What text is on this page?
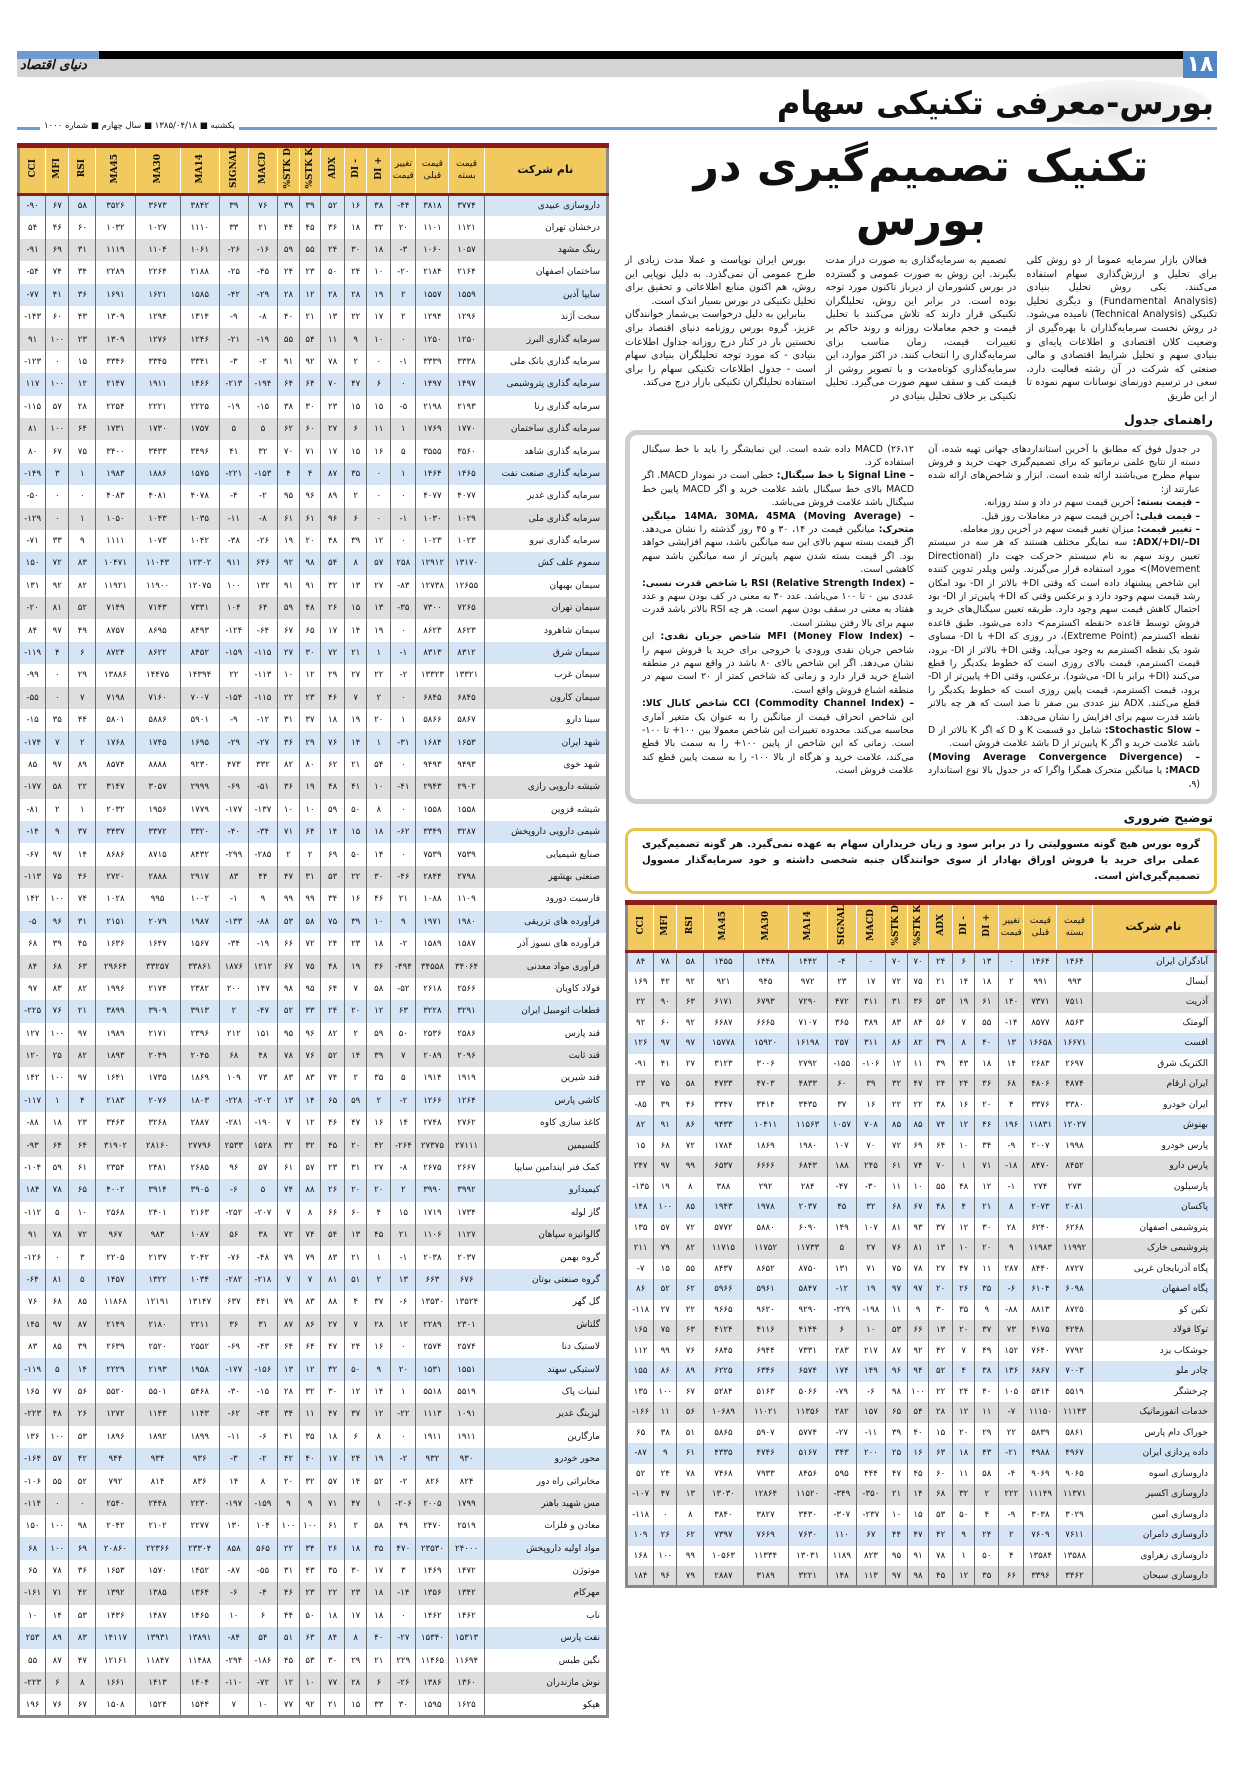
دنیای اقتصاد	۱۸
بورس-معرفی تکنیکی سهام
یکشنبه ■ ۱۳۸۵/۰۴/۱۸ ■ سال چهارم ■ شماره ۱۰۰۰
تکنیک تصمیم‌گیری در بورس

فعالان بازار سرمایه عموما از دو روش کلی برای تحلیل و ارزش‌گذاری سهام استفاده می‌کنند. یکی روش تحلیل بنیادی (Fundamental Analysis) و دیگری تحلیل تکنیکی (Technical Analysis) نامیده می‌شود. در روش نخست سرمایه‌گذاران با بهره‌گیری از وضعیت کلان اقتصادی و اطلاعات پایه‌ای و بنیادی سهم و تحلیل شرایط اقتصادی و مالی صنعتی که شرکت در آن رشته فعالیت دارد، سعی در ترسیم دورنمای نوسانات سهم نموده تا از این طریق

تصمیم به سرمایه‌گذاری به صورت دراز مدت بگیرند. این روش به صورت عمومی و گسترده در بورس کشورمان از دیرباز تاکنون مورد توجه بوده است. در برابر این روش، تحلیلگران تکنیکی قرار دارند که تلاش می‌کنند با تحلیل قیمت و حجم معاملات روزانه و روند حاکم بر تغییرات قیمت، زمان مناسب برای سرمایه‌گذاری را انتخاب کنند. در اکثر موارد، این سرمایه‌گذاری کوتاه‌مدت و با تصویر روشن از قیمت کف و سقف سهم صورت می‌گیرد. تحلیل تکنیکی بر خلاف تحلیل بنیادی در

بورس ایران نوپاست و عملا مدت زیادی از طرح عمومی آن نمی‌گذرد. به دلیل نوپایی این روش، هم اکنون منابع اطلاعاتی و تحقیق برای تحلیل تکنیکی در بورس بسیار اندک است.

بنابراین به دلیل درخواست بی‌شمار خوانندگان عزیز، گروه بورس روزنامه دنیای اقتصاد برای نخستین بار در کنار درج روزانه جداول اطلاعات بنیادی - که مورد توجه تحلیلگران بنیادی سهام است - جدول اطلاعات تکنیکی سهام را برای استفاده تحلیلگران تکنیکی بازار درج می‌کند.

راهنمای جدول

در جدول فوق که مطابق با آخرین استانداردهای جهانی تهیه شده، آن دسته از نتایج علمی نرماتیو که برای تصمیم‌گیری جهت خرید و فروش سهام مطرح می‌باشند ارائه شده است. ابزار و شاخص‌های ارائه شده عبارتند از:

– قیمت بسته: آخرین قیمت سهم در داد و ستد روزانه.

– قیمت قبلی: آخرین قیمت سهم در معاملات روز قبل.

– تغییر قیمت: میزان تغییر قیمت سهم در آخرین روز معامله.

ADX/+DI/–DI: سه نمایگر مختلف هستند که هر سه در سیستم تعیین روند سهم به نام سیستم <حرکت جهت دار (Directional Movement)> مورد استفاده قرار می‌گیرند. ولس ویلدر تدوین کننده این شاخص پیشنهاد داده است که وقتی DI+ بالاتر از DI- بود امکان رشد قیمت سهم وجود دارد و برعکس وقتی که DI+ پایین‌تر از DI- بود احتمال کاهش قیمت سهم وجود دارد. طریقه تعیین سیگنال‌های خرید و فروش توسط قاعده <نقطه اکسترمم> داده می‌شود. طبق قاعده نقطه اکسترمم (Extreme Point)، در روزی که DI+ با DI- مساوی شود یک نقطه اکسترمم به وجود می‌آید. وقتی DI+ بالاتر از DI- برود، قیمت اکسترمم، قیمت بالای روزی است که خطوط یکدیگر را قطع می‌کنند (DI+ برابر با DI- می‌شود). برعکس، وقتی DI+ پایین‌تر از DI- برود، قیمت اکسترمم، قیمت پایین روزی است که خطوط یکدیگر را قطع می‌کنند. ADX نیز عددی بین صفر تا صد است که هر چه بالاتر باشد قدرت سهم برای افزایش را نشان می‌دهد.

– Stochastic Slow: شامل دو قسمت K و D که اگر K بالاتر از D باشد علامت خرید و اگر K پایین‌تر از D باشد علامت فروش است.

– (Moving Average Convergence Divergence) MACD: یا میانگین متحرک همگرا واگرا که در جدول بالا نوع استاندارد (۹،

۲۶،۱۲) MACD داده شده است. این نمایشگر را باید با خط سیگنال استفاده کرد.

– Signal Line یا خط سیگنال: خطی است در نمودار MACD. اگر MACD بالای خط سیگنال باشد علامت خرید و اگر MACD پایین خط سیگنال باشد علامت فروش می‌باشد.

– 14MA، 30MA، 45MA (Moving Average) میانگین متحرک: میانگین قیمت در ۱۴، ۳۰ و ۴۵ روز گذشته را نشان می‌دهد. اگر قیمت بسته سهم بالای این سه میانگین باشد، سهم افزایشی خواهد بود. اگر قیمت بسته شدن سهم پایین‌تر از سه میانگین باشد سهم کاهشی است.

– RSI (Relative Strength Index) یا شاخص قدرت نسبی: عددی بین ۰ تا ۱۰۰ می‌باشد. عدد ۳۰ به معنی در کف بودن سهم و عدد هفتاد به معنی در سقف بودن سهم است. هر چه RSI بالاتر باشد قدرت سهم برای بالا رفتن بیشتر است.

– MFI (Money Flow Index) شاخص جریان نقدی: این شاخص جریان نقدی ورودی یا خروجی برای خرید یا فروش سهم را نشان می‌دهد. اگر این شاخص بالای ۸۰ باشد در واقع سهم در منطقه اشباع خرید قرار دارد و زمانی که شاخص کمتر از ۲۰ است سهم در منطقه اشباع فروش واقع است.

– CCI (Commodity Channel Index) شاخص کانال کالا: این شاخص انحراف قیمت از میانگین را به عنوان یک متغیر آماری محاسبه می‌کند. محدوده تغییرات این شاخص معمولا بین ۱۰۰+ تا ۱۰۰- است. زمانی که این شاخص از پایین ۱۰۰+ را به سمت بالا قطع می‌کند، علامت خرید و هرگاه از بالا ۱۰۰- را به سمت پایین قطع کند علامت فروش است.

توضیح ضروری
گروه بورس هیچ گونه مسوولیتی را در برابر سود و زیان خریداران سهام به عهده نمی‌گیرد. هر گونه تصمیم‌گیری عملی برای خرید یا فروش اوراق بهادار از سوی خوانندگان جنبه شخصی داشته و خود سرمایه‌گذار مسوول تصمیم‌گیری‌اش است.
نام شرکت	قیمت بسته	قیمت قبلی	تغییر قیمت	+ DI	- DI	ADX	STK K%	STK D%	MACD	SIGNAL	MA14	MA30	MA45	RSI	MFI	CCI
آبادگران ایران	۱۴۶۴	۱۴۶۴	۰	۱۳	۶	۲۴	۷۰	۷۰	۰	-۴	۱۴۴۲	۱۴۴۸	۱۴۵۵	۵۸	۷۸	۸۴
آبسال	۹۹۳	۹۹۱	۲	۱۸	۱۴	۲۱	۷۵	۷۲	۱۷	۲۳	۹۷۲	۹۴۵	۹۲۱	۹۲	۴۲	۱۶۹
آذریت	۷۵۱۱	۷۳۷۱	۱۴۰	۶۱	۱۹	۵۳	۳۶	۳۱	۳۱۱	۴۷۲	۷۲۹۰	۶۷۹۳	۶۱۷۱	۶۳	۹۰	۲۲
آلومتک	۸۵۶۳	۸۵۷۷	-۱۴	۵۵	۷	۵۶	۸۴	۸۳	۳۸۹	۳۶۵	۷۱۰۷	۶۶۶۵	۶۶۸۷	۹۲	۶۰	۹۲
افست	۱۶۶۷۱	۱۶۶۵۸	۱۳	۴۰	۸	۳۹	۸۲	۸۶	۳۱۱	۲۵۷	۱۶۱۹۸	۱۵۹۲۰	۱۵۷۷۸	۹۷	۹۷	۱۲۶
الکتریک شرق	۲۶۹۷	۲۶۸۳	۱۴	۱۸	۴۳	۳۹	۱۱	۱۲	-۱۰۶	-۱۵۵	۲۷۹۲	۳۰۰۶	۳۱۲۳	۲۷	۴۱	-۹۱
ایران ارقام	۴۸۷۴	۴۸۰۶	۶۸	۳۶	۲۴	۲۴	۴۷	۳۲	۳۹	۶۰	۴۸۳۳	۴۷۰۳	۴۷۳۳	۵۸	۷۵	۲۳
ایران خودرو	۳۳۸۰	۳۳۷۶	۴	۲۰	۱۶	۳۸	۲۲	۲۲	۱۶	۳۷	۳۴۳۵	۳۴۱۴	۳۳۴۷	۴۶	۳۹	-۸۵
بهنوش	۱۲۰۲۷	۱۱۸۳۱	۱۹۶	۴۶	۱۲	۷۴	۸۵	۸۵	۷۰۸	۱۰۵۷	۱۱۵۶۳	۱۰۴۱۱	۹۴۳۳	۸۶	۹۱	۸۲
پارس خودرو	۱۹۹۸	۲۰۰۷	-۹	۳۴	۱۰	۶۴	۶۹	۷۲	۷۰	۱۰۷	۱۹۸۰	۱۸۶۹	۱۷۸۴	۷۲	۶۸	۱۵
پارس دارو	۸۴۵۲	۸۴۷۰	-۱۸	۷۱	۱	۷۰	۷۴	۶۱	۲۴۵	۱۸۸	۶۸۴۳	۶۶۶۶	۶۵۳۷	۹۹	۹۷	۲۴۷
پارسیلون	۲۷۳	۲۷۴	-۱	۱۲	۴۸	۵۵	۱۰	۱۱	-۳۰	-۴۷	۲۸۴	۲۹۲	۳۸۸	۸	۱۹	-۱۳۵
پاکسان	۲۰۸۱	۲۰۷۳	۸	۲۱	۴	۴۸	۶۷	۶۸	۳۲	۴۵	۲۰۳۷	۱۹۷۸	۱۹۴۳	۸۵	۱۰۰	۱۴۸
پتروشیمی اصفهان	۶۲۶۸	۶۲۴۰	۲۸	۳۰	۱۲	۳۷	۹۳	۸۱	۱۰۷	۱۴۹	۶۰۹۰	۵۸۸۰	۵۷۷۲	۷۲	۵۷	۱۳۵
پتروشیمی خارک	۱۱۹۹۲	۱۱۹۸۳	۹	۲۰	۱۰	۱۳	۸۱	۷۶	۲۷	۵	۱۱۷۳۳	۱۱۷۵۲	۱۱۷۱۵	۸۲	۷۹	۲۱۱
پگاه آذربایجان غربی	۸۷۲۷	۸۴۴۰	۲۸۷	۱۱	۴۷	۲۷	۷۸	۷۵	۷۱	۱۳۱	۸۷۵۰	۸۶۵۲	۸۴۳۷	۵۵	۱۵	-۷
پگاه اصفهان	۶۰۹۸	۶۱۰۴	-۶	۳۵	۲۶	۲۰	۹۷	۹۷	۱۹	-۱۲	۵۸۴۷	۵۹۶۱	۵۹۶۶	۶۲	۵۲	۸۶
تکین کو	۸۷۲۵	۸۸۱۳	-۸۸	۹	۳۵	۳۰	۹	۱۱	-۱۹۸	-۲۲۹	۹۲۹۰	۹۶۲۰	۹۶۶۵	۲۲	۲۷	-۱۱۸
توکا فولاد	۴۲۴۸	۴۱۷۵	۷۳	۳۷	۲۰	۱۳	۶۶	۵۳	۱۰	۶	۴۱۴۴	۴۱۱۶	۴۱۲۴	۶۳	۷۵	۱۶۵
جوشکاب یزد	۷۷۹۲	۷۶۴۰	۱۵۲	۴۹	۷	۴۲	۹۲	۸۷	۲۱۷	۲۸۳	۷۳۳۱	۶۹۴۴	۶۸۴۵	۷۶	۹۹	۱۱۲
چادر ملو	۷۰۰۳	۶۸۶۷	۱۳۶	۳۸	۴	۵۲	۹۴	۹۶	۱۴۹	۱۷۴	۶۵۷۴	۶۳۴۶	۶۲۲۵	۸۹	۸۶	۱۵۵
چرخشگر	۵۵۱۹	۵۴۱۴	۱۰۵	۴۰	۲۴	۲۲	۱۰۰	۹۸	-۶	-۷۹	۵۰۶۶	۵۱۶۳	۵۲۸۴	۶۷	۱۰۰	۱۳۵
خدمات انفورماتیک	۱۱۱۴۳	۱۱۱۵۰	-۷	۱۱	۱۲	۲۸	۵۴	۶۵	۱۵۷	۲۸۲	۱۱۳۵۶	۱۱۰۲۱	۱۰۶۸۹	۵۶	۱۱	-۱۶۶
خوراک دام پارس	۵۸۶۱	۵۸۳۹	۲۲	۲۹	۲۰	۱۵	۴۰	۳۹	-۱۱	-۲۷	۵۷۷۴	۵۹۰۷	۵۸۶۵	۵۱	۳۸	۶۵
داده پردازی ایران	۴۹۶۷	۴۹۸۸	-۲۱	۴۳	۱۸	۶۳	۱۶	۲۵	۲۰۰	۳۴۳	۵۱۶۷	۴۷۴۶	۴۳۳۵	۶۱	۹	-۸۷
داروسازی اسوه	۹۰۶۵	۹۰۶۹	-۴	۵۸	۱۱	۶۰	۴۵	۴۷	۴۴۴	۵۹۵	۸۴۵۶	۷۹۳۳	۷۴۶۸	۷۸	۲۴	۵۲
داروسازی اکسیر	۱۱۳۷۱	۱۱۱۴۹	۲۲۲	۲	۳۲	۶۸	۱۴	۲۱	-۳۵۰	-۳۴۹	۱۱۵۲۰	۱۲۸۶۴	۱۳۰۳۰	۱۳	۴۷	-۱۰۷
داروسازی امین	۳۰۲۹	۳۰۳۸	-۹	۴	۵۰	۵۳	۱۵	۱۰	-۲۳۷	-۳۰۷	۳۴۳۰	۳۸۲۷	۳۸۴۰	۸	۰	-۱۱۸
داروسازی دامران	۷۶۱۱	۷۶۰۹	۲	۲۴	۹	۴۲	۴۷	۴۴	۶۷	۱۱۰	۷۶۳۰	۷۶۶۹	۷۳۹۷	۶۲	۲۶	۱۰۹
داروسازی زهراوی	۱۳۵۸۸	۱۳۵۸۴	۴	۵۰	۱	۷۸	۹۱	۹۵	۸۲۳	۱۱۸۹	۱۳۰۳۱	۱۱۳۳۴	۱۰۵۶۳	۹۹	۱۰۰	۱۶۸
داروسازی سبحان	۳۴۶۲	۳۳۹۶	۶۶	۳۵	۱۲	۴۵	۹۸	۹۷	۱۱۳	۱۴۸	۳۲۲۱	۳۱۸۹	۲۸۸۷	۷۹	۹۶	۱۸۴
نام شرکت	قیمت بسته	قیمت قبلی	تغییر قیمت	+ DI	- DI	ADX	STK K%	STK D%	MACD	SIGNAL	MA14	MA30	MA45	RSI	MFI	CCI
داروسازی عبیدی	۳۷۷۴	۳۸۱۸	-۴۴	۳۸	۱۶	۵۲	۳۹	۳۹	۷۶	۳۹	۳۸۴۲	۳۶۷۳	۳۵۲۶	۵۸	۶۷	-۹۰
درخشان تهران	۱۱۲۱	۱۱۰۱	۲۰	۳۲	۱۸	۳۶	۴۵	۴۴	۲۱	۳۳	۱۱۱۰	۱۰۲۷	۱۰۳۲	۶۰	۴۶	۵۴
رینگ مشهد	۱۰۵۷	۱۰۶۰	-۳	۱۸	۳۰	۲۴	۵۵	۵۹	-۱۶	-۲۶	۱۰۶۱	۱۱۰۴	۱۱۱۹	۳۱	۶۹	-۹۱
ساختمان اصفهان	۲۱۶۴	۲۱۸۴	-۲۰	۱۰	۲۴	۵۰	۲۳	۲۴	-۴۵	-۲۵	۲۱۸۸	۲۲۶۴	۲۲۸۹	۳۴	۷۴	-۵۴
سایپا آذین	۱۵۵۹	۱۵۵۷	۲	۱۹	۲۸	۲۸	۱۲	۲۸	-۲۹	-۴۲	۱۵۸۵	۱۶۲۱	۱۶۹۱	۳۶	۴۱	-۷۷
سخت آژند	۱۲۹۶	۱۲۹۴	۲	۱۷	۲۲	۱۳	۲۱	۴۰	-۸	-۹	۱۳۱۴	۱۲۹۴	۱۳۰۹	۴۳	۶۰	-۱۴۳
سرمایه گذاری البرز	۱۲۵۰	۱۲۵۰	۰	۱۰	۹	۱۱	۵۴	۵۵	-۱۹	-۲۱	۱۲۴۶	۱۲۷۶	۱۳۰۹	۲۳	۱۰۰	۹۱
سرمایه گذاری بانک ملی	۳۳۳۸	۳۳۳۹	-۱	۰	۲	۷۸	۹۲	۹۱	-۲	-۳	۳۳۴۱	۳۳۴۵	۳۳۴۶	۱۵	۰	-۱۲۳
سرمایه گذاری پتروشیمی	۱۴۹۷	۱۴۹۷	۰	۶	۴۷	۷۰	۶۴	۶۴	-۱۹۴	-۲۱۳	۱۴۶۶	۱۹۱۱	۲۱۴۷	۱۲	۱۰۰	۱۱۷
سرمایه گذاری رنا	۲۱۹۳	۲۱۹۸	-۵	۱۵	۱۵	۲۳	۳۰	۳۸	-۱۵	-۱۹	۲۲۲۵	۲۲۲۱	۲۲۵۴	۲۸	۵۷	-۱۱۵
سرمایه گذاری ساختمان	۱۷۷۰	۱۷۶۹	۱	۱۱	۶	۲۷	۶۰	۶۲	۵	۵	۱۷۵۷	۱۷۳۰	۱۷۳۱	۶۴	۱۰۰	۸۱
سرمایه گذاری شاهد	۳۵۶۰	۳۵۵۵	۵	۱۶	۱۵	۱۷	۷۱	۷۰	۳۲	۴۱	۳۴۹۶	۳۴۳۳	۳۴۰۰	۷۵	۶۷	۸۰
سرمایه گذاری صنعت نفت	۱۴۶۵	۱۴۶۴	۱	۰	۳۵	۸۷	۴	۴	-۱۵۳	-۲۲۱	۱۵۷۵	۱۸۸۶	۱۹۸۳	۱	۳	-۱۴۹
سرمایه گذاری غدیر	۴۰۷۷	۴۰۷۷	۰	۰	۲	۸۹	۹۶	۹۵	-۲	-۴	۴۰۷۸	۴۰۸۱	۴۰۸۳	۰	۰	-۵۰
سرمایه گذاری ملی	۱۰۲۹	۱۰۳۰	-۱	۰	۶	۹۶	۶۱	۶۱	-۸	-۱۱	۱۰۳۵	۱۰۴۳	۱۰۵۰	۱	۰	-۱۲۹
سرمایه گذاری نیرو	۱۰۲۳	۱۰۲۳	۰	۱۲	۳۹	۴۸	۲۰	۱۹	-۲۶	-۳۸	۱۰۴۲	۱۰۷۳	۱۱۱۱	۹	۳۳	-۷۱
سموم علف کش	۱۳۱۷۰	۱۲۹۱۲	۲۵۸	۵۷	۸	۵۴	۹۸	۹۲	۶۴۶	۹۱۱	۱۲۳۰۲	۱۱۰۴۳	۱۰۴۷۱	۸۳	۷۲	۱۵۰
سیمان بهبهان	۱۲۶۵۵	۱۲۷۳۸	-۸۳	۲۷	۱۳	۳۲	۹۱	۹۱	۱۳۲	۱۰۰	۱۲۰۷۵	۱۱۹۰۰	۱۱۹۲۱	۸۲	۹۲	۱۳۱
سیمان تهران	۷۲۶۵	۷۳۰۰	-۳۵	۱۳	۱۵	۲۶	۴۸	۵۹	۶۴	۱۰۴	۷۳۳۱	۷۱۴۳	۷۱۴۹	۵۲	۸۱	-۲۰
سیمان شاهرود	۸۶۲۳	۸۶۲۳	۰	۱۹	۱۴	۱۷	۶۵	۶۷	-۶۴	-۱۲۴	۸۴۹۳	۸۶۹۵	۸۷۵۷	۴۹	۹۷	۸۴
سیمان شرق	۸۳۱۲	۸۳۱۳	-۱	۱	۲۱	۷۲	۳۰	۲۷	-۱۱۵	-۱۵۹	۸۴۵۲	۸۶۲۲	۸۷۲۴	۶	۴	-۱۱۹
سیمان غرب	۱۳۳۲۱	۱۳۳۲۳	-۲	۲۲	۲۷	۲۹	۱۲	۱۰	-۱۱۳	۲۲	۱۴۳۹۴	۱۴۴۷۵	۱۳۸۸۶	۲۹	۰	-۹۹
سیمان کارون	۶۸۴۵	۶۸۴۵	۰	۲	۷	۴۶	۲۳	۲۲	-۱۱۵	-۱۵۴	۷۰۰۷	۷۱۶۰	۷۱۹۸	۷	۰	-۵۵
سینا دارو	۵۸۶۷	۵۸۶۶	۱	۲۰	۱۹	۱۸	۳۷	۳۱	-۱۲	-۹	۵۹۰۱	۵۸۸۶	۵۸۰۱	۴۴	۳۵	-۱۵
شهد ایران	۱۶۵۳	۱۶۸۴	-۳۱	۱	۱۴	۷۶	۲۹	۳۶	-۲۷	-۲۹	۱۶۹۵	۱۷۴۵	۱۷۶۸	۲	۷	-۱۷۴
شهد خوی	۹۴۹۳	۹۴۹۳	۰	۵۴	۲۱	۶۲	۸۰	۸۲	۳۳۲	۴۷۳	۹۲۳۰	۸۸۸۸	۸۵۷۴	۸۹	۹۷	۸۵
شیشه دارویی رازی	۲۹۰۲	۲۹۴۳	-۴۱	۱۰	۴۱	۴۸	۱۹	۳۶	-۵۱	-۶۹	۲۹۹۹	۳۰۵۷	۳۱۴۷	۲۲	۵۸	-۱۷۷
شیشه قزوین	۱۵۵۸	۱۵۵۸	۰	۸	۵۰	۵۹	۱۰	۱۰	-۱۳۷	-۱۷۷	۱۷۷۹	۱۹۵۶	۲۰۳۲	۱	۲	-۸۱
شیمی دارویی داروپخش	۳۲۸۷	۳۳۴۹	-۶۲	۱۸	۱۵	۱۴	۶۴	۷۱	-۳۴	-۴۰	۳۳۲۰	۳۳۷۲	۳۴۳۷	۳۷	۹	-۱۴
صنایع شیمیایی	۷۵۳۹	۷۵۳۹	۰	۱۴	۵۰	۶۹	۲	۲	-۲۸۵	-۲۹۹	۸۴۳۲	۸۷۱۵	۸۶۸۶	۱۴	۹۷	-۶۷
صنعتی بهشهر	۲۷۹۸	۲۸۴۴	-۴۶	۳۰	۲۲	۵۳	۳۱	۴۷	۴۴	۸۳	۲۹۱۷	۲۸۸۸	۲۷۲۰	۴۶	۷۵	-۱۱۳
فارسیت دورود	۱۱۰۹	۱۰۸۸	۲۱	۴۶	۱۶	۳۴	۹۹	۹۹	۹	-۱	۱۰۰۲	۹۹۵	۱۰۲۸	۷۴	۱۰۰	۱۴۲
فرآورده های تزریقی	۱۹۸۰	۱۹۷۱	۹	۱۰	۳۹	۷۵	۵۸	۵۳	-۸۸	-۱۳۳	۱۹۸۷	۲۰۷۹	۲۱۵۱	۳۱	۹۶	-۵
فرآورده های نسوز آذر	۱۵۸۷	۱۵۸۹	-۲	۱۸	۲۳	۲۴	۷۲	۶۶	-۱۹	-۳۴	۱۵۶۷	۱۶۴۷	۱۶۳۶	۴۵	۳۹	۶۸
فرآوری مواد معدنی	۳۴۰۶۴	۳۴۵۵۸	-۴۹۴	۳۶	۱۹	۴۸	۷۵	۶۷	۱۲۱۲	۱۸۷۶	۳۳۸۶۱	۳۳۲۵۷	۲۹۶۶۴	۶۳	۶۸	۸۴
فولاد کاویان	۲۵۶۶	۲۶۱۸	-۵۲	۵۸	۷	۶۴	۹۵	۹۸	۱۴۷	۲۰۰	۲۳۸۲	۲۱۷۴	۱۹۹۶	۸۲	۸۳	۹۷
قطعات اتومبیل ایران	۳۲۹۱	۳۲۲۸	۶۳	۱۲	۲۰	۲۴	۳۳	۵۲	-۴۷	۲	۳۹۱۳	۳۹۰۹	۳۸۹۹	۲۱	۷۶	-۲۲۵
قند پارس	۲۵۸۶	۲۵۳۶	۵۰	۵۹	۲	۸۲	۹۶	۹۵	۱۵۱	۲۱۲	۲۳۹۶	۲۱۷۱	۱۹۸۹	۹۷	۱۰۰	۱۲۷
قند ثابت	۲۰۹۶	۲۰۸۹	۷	۳۹	۱۴	۵۲	۷۶	۷۸	۴۸	۶۸	۲۰۴۵	۲۰۴۹	۱۸۹۳	۸۲	۲۵	۱۲۰
قند شیرین	۱۹۱۹	۱۹۱۴	۵	۳۵	۲	۷۴	۸۳	۸۳	۷۳	۱۰۹	۱۸۶۹	۱۷۳۵	۱۶۴۱	۹۷	۱۰۰	۱۴۲
کاشی پارس	۱۲۶۴	۱۲۶۶	-۲	۲	۵۹	۶۵	۱۴	۱۳	-۲۰۲	-۲۲۸	۱۸۰۳	۲۰۷۶	۲۱۸۳	۴	۱	-۱۱۷
کاغذ سازی کاوه	۲۷۶۲	۲۷۴۸	۱۴	۱۶	۴۷	۴۶	۱۲	۷	-۱۹۰	-۲۸۱	۲۸۸۷	۳۲۶۸	۳۴۶۳	۲۳	۱۸	-۸۸
کلسیمین	۲۷۱۱۱	۲۷۳۷۵	-۲۶۴	۴۲	۲۰	۴۵	۳۲	۳۲	۱۵۲۸	۲۵۳۳	۲۷۷۹۶	۲۸۱۶۰	۳۱۹۰۲	۶۴	۶۴	-۹۳
کمک فنر ایندامین سایپا	۲۶۶۷	۲۶۷۵	-۸	۲۷	۳۱	۲۳	۵۷	۶۱	۵۷	۹۶	۲۶۸۵	۲۴۸۱	۲۳۵۴	۶۱	۵۹	-۱۰۴
کیمیدارو	۳۹۹۲	۳۹۹۰	۲	۲۰	۲۰	۲۶	۸۸	۷۴	۵	-۶	۳۹۰۵	۳۹۱۴	۴۰۰۲	۶۵	۷۸	۱۸۴
گاز لوله	۱۷۳۴	۱۷۱۹	۱۵	۴	۶۰	۶۶	۸	۷	-۲۰۷	-۲۵۲	۲۱۶۳	۲۴۰۱	۲۵۶۸	۱۰	۵	-۱۱۲
گالوانیزه سپاهان	۱۱۲۷	۱۱۰۶	۲۱	۴۵	۱۳	۵۴	۷۴	۷۲	۳۸	۵۶	۱۰۸۷	۹۸۳	۹۶۷	۷۲	۷۸	۹۱
گروه بهمن	۲۰۳۷	۲۰۳۸	-۱	۱	۲۱	۸۳	۷۹	۷۹	-۴۸	-۷۶	۲۰۴۲	۲۱۳۷	۲۲۰۵	۳	۰	-۱۲۶
گروه صنعتی بوتان	۶۷۶	۶۶۳	۱۳	۲	۵۱	۸۱	۷	۷	-۲۱۸	-۲۸۲	۱۰۳۴	۱۳۲۲	۱۴۵۷	۵	۸۱	-۶۴
گل گهر	۱۳۵۲۴	۱۳۵۳۰	-۶	۳۷	۴	۸۸	۸۳	۷۹	۴۴۱	۶۳۷	۱۳۱۴۷	۱۲۱۹۱	۱۱۸۶۸	۸۵	۶۸	۷۶
گلتاش	۲۳۰۱	۲۲۸۹	۱۲	۲۸	۷	۲۷	۸۶	۸۷	۳۱	۳۶	۲۲۱۱	۲۱۸۰	۲۱۴۹	۸۷	۹۷	۱۴۵
لاستیک دنا	۲۵۷۴	۲۵۷۴	۰	۱۶	۲۴	۴۷	۶۴	۶۴	-۴۳	-۶۹	۲۵۵۲	۲۵۲۰	۲۶۳۹	۳۹	۸۵	۸۳
لاستیکی سهند	۱۵۵۱	۱۵۳۱	۲۰	۹	۵۰	۳۲	۱۲	۱۳	-۱۵۶	-۱۷۷	۱۹۵۸	۲۱۹۳	۲۲۲۹	۱۴	۵	-۱۱۹
لبنیات پاک	۵۵۱۹	۵۵۱۸	۱	۱۴	۱۲	۳۰	۳۲	۲۸	-۱۵	-۳۰	۵۴۶۸	۵۵۰۱	۵۵۲۰	۵۶	۷۷	۱۶۵
لیزینگ غدیر	۱۰۹۱	۱۱۱۳	-۲۲	۱۲	۳۷	۴۷	۱۱	۳۴	-۴۳	-۶۲	۱۱۴۳	۱۱۴۳	۱۲۷۲	۲۶	۴۸	-۲۲۳
مارگارین	۱۹۱۱	۱۹۱۱	۰	۸	۶	۱۸	۳۵	۴۱	-۶	-۱۱	۱۸۹۹	۱۸۹۲	۱۸۹۶	۵۳	۱۰۰	۱۳۶
محور خودرو	۹۳۰	۹۳۲	-۲	۱۹	۲۴	۱۷	۴۰	۴۲	-۲	-۳	۹۳۶	۹۳۴	۹۴۴	۴۲	۵۷	-۱۶۴
مخابراتی راه دور	۸۲۴	۸۲۶	-۲	۵۲	۱۴	۵۷	۳۲	۲۰	۸	۱۴	۸۳۶	۸۱۴	۷۹۲	۵۲	۵۵	-۱۰۶
مس شهید باهنر	۱۷۹۹	۲۰۰۵	-۲۰۶	۱	۴۷	۷۱	۹	۹	-۱۵۹	-۱۹۷	۲۲۳۰	۲۴۴۸	۲۵۴۰	۰	۰	-۱۱۴
معادن و فلزات	۲۵۱۹	۲۴۷۰	۴۹	۵۸	۲	۶۱	۱۰۰	۱۰۰	۱۰۴	۱۳۰	۲۲۷۷	۲۱۰۲	۲۰۴۲	۹۸	۱۰۰	۱۵۰
مواد اولیه داروپخش	۲۴۰۰۰	۲۳۵۳۰	۴۷۰	۳۵	۱۸	۲۶	۳۴	۲۲	۵۶۵	۸۵۸	۲۳۳۰۴	۲۲۳۶۶	۲۰۸۶۰	۶۹	۱۰۰	۶۸
موتوژن	۱۴۷۲	۱۴۶۹	۳	۱۷	۳۰	۳۵	۴۳	۳۱	-۵۵	-۸۷	۱۴۵۲	۱۵۷۰	۱۶۵۳	۳۶	۷۸	۶۵
مهرکام	۱۳۴۲	۱۳۵۶	-۱۴	۱۸	۲۳	۲۲	۲۳	۴۶	-۴	-۶	۱۳۶۴	۱۳۸۵	۱۳۹۲	۴۲	۷۱	-۱۶۱
ناب	۱۴۶۲	۱۴۶۲	۰	۱۸	۱۷	۱۸	۵۰	۴۴	۶	۱۰	۱۴۶۵	۱۴۸۷	۱۴۳۶	۵۳	۱۴	۱۰
نفت پارس	۱۵۳۱۳	۱۵۳۴۰	-۲۷	۴۰	۸	۸۴	۶۳	۵۱	۵۴	-۸۴	۱۳۸۹۱	۱۳۹۳۱	۱۴۱۱۷	۸۳	۸۹	۲۵۳
نگین طبس	۱۱۶۹۴	۱۱۴۶۵	۲۲۹	۲۱	۲۹	۳۰	۵۳	۴۵	-۱۸۶	-۲۹۴	۱۱۴۸۸	۱۱۸۴۷	۱۲۱۶۱	۴۷	۸۷	۵۵
نوش مازندران	۱۳۶۰	۱۳۸۶	-۲۶	۶	۲۸	۷۷	۱۰	۱۲	-۷۲	-۱۱۰	۱۴۰۴	۱۴۱۳	۱۶۶۱	۸	۶	-۲۲۳
هپکو	۱۶۲۵	۱۵۹۵	۳۰	۳۳	۱۵	۲۱	۹۲	۷۷	۱۰	۷	۱۵۴۴	۱۵۲۴	۱۵۰۸	۶۷	۷۶	۱۹۶
